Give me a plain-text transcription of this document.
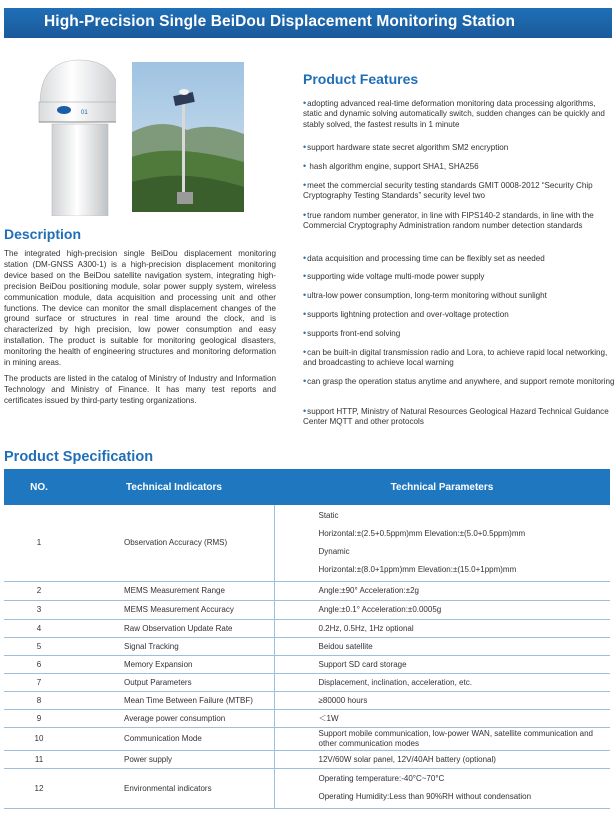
High-Precision Single BeiDou Displacement Monitoring Station
01
Description

The integrated high-precision single BeiDou displacement monitoring station (DM-GNSS A300-1) is a high-precision displacement monitoring device based on the BeiDou satellite navigation system, integrating high-precision BeiDou positioning module, solar power supply system, wireless communication module, data acquisition and processing unit and other functions. The device can monitor the small displacement changes of the ground surface or structures in real time around the clock, and is characterized by high precision, low power consumption and easy installation. The product is suitable for monitoring geological disasters, monitoring the health of engineering structures and monitoring deformation in mining areas.

The products are listed in the catalog of Ministry of Industry and Information Technology and Ministry of Finance. It has many test reports and certificates issued by third-party testing organizations.

Product Features
•adopting advanced real-time deformation monitoring data processing algorithms, static and dynamic solving automatically switch, sudden changes can be quickly and stably solved, the fastest results in 1 minute
•support hardware state secret algorithm SM2 encryption
• hash algorithm engine, support SHA1, SHA256
•meet the commercial security testing standards GMIT 0008-2012 “Security Chip Cryptography Testing Standards” security level two
•true random number generator, in line with FIPS140-2 standards, in line with the Commercial Cryptography Administration random number detection standards
•data acquisition and processing time can be flexibly set as needed
•supporting wide voltage multi-mode power supply
•ultra-low power consumption, long-term monitoring without sunlight
•supports lightning protection and over-voltage protection
•supports front-end solving
•can be built-in digital transmission radio and Lora, to achieve rapid local networking, and broadcasting to achieve local warning
•can grasp the operation status anytime and anywhere, and support remote monitoring
•support HTTP, Ministry of Natural Resources Geological Hazard Technical Guidance Center MQTT and other protocols
Product Specification
NO.	Technical Indicators	Technical Parameters
1	Observation Accuracy (RMS)	Static
Horizontal:±(2.5+0.5ppm)mm Elevation:±(5.0+0.5ppm)mm
Dynamic
Horizontal:±(8.0+1ppm)mm Elevation:±(15.0+1ppm)mm

2	MEMS Measurement Range	Angle:±90° Acceleration:±2g
3	MEMS Measurement Accuracy	Angle:±0.1° Acceleration:±0.0005g
4	Raw Observation Update Rate	0.2Hz, 0.5Hz, 1Hz optional
5	Signal Tracking	Beidou satellite
6	Memory Expansion	Support SD card storage
7	Output Parameters	Displacement, inclination, acceleration, etc.
8	Mean Time Between Failure (MTBF)	≥80000 hours
9	Average power consumption	＜1W
10	Communication Mode	Support mobile communication, low-power WAN, satellite communication and other communication modes
11	Power supply	12V/60W solar panel, 12V/40AH battery (optional)
12	Environmental indicators	Operating temperature:-40°C~70°C
Operating Humidity:Less than 90%RH without condensation
